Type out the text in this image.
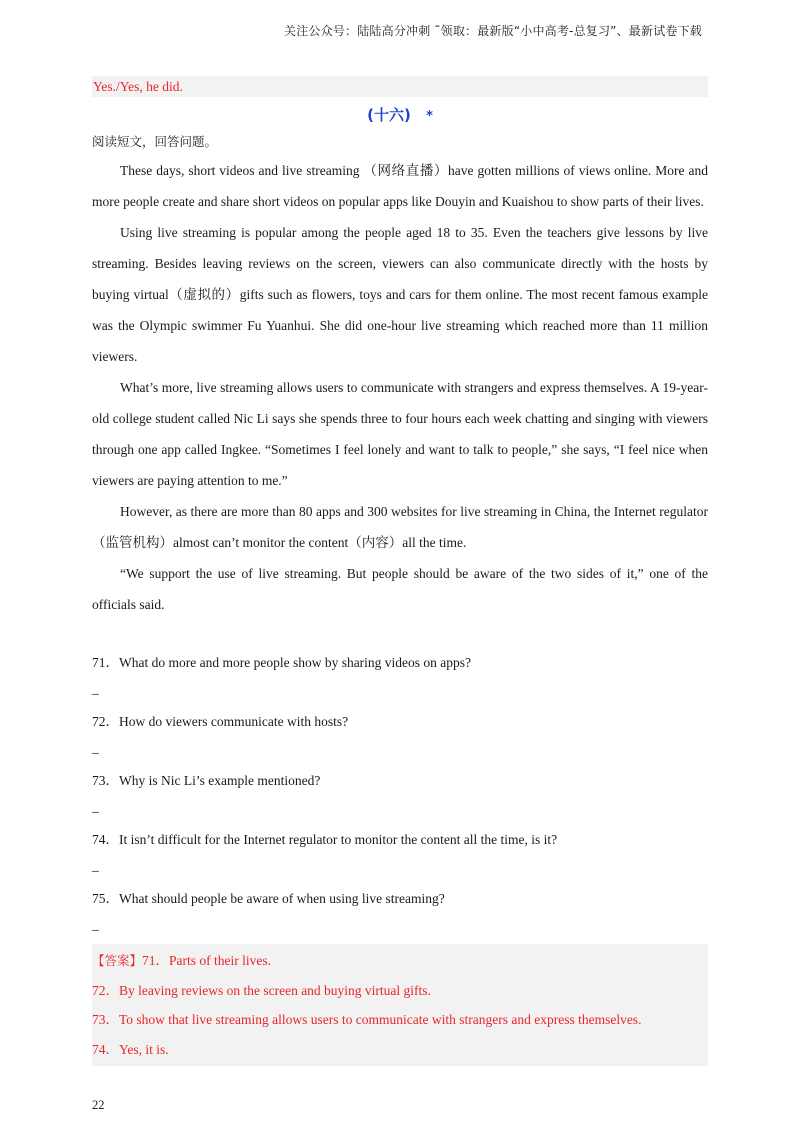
关注公众号：陆陆高分冲刺 ˜领取：最新版“小中高考-总复习”、最新试卷下载
Yes./Yes, he did.
(十六) *
阅读短文，回答问题。

These days, short videos and live streaming （网络直播）have gotten millions of views online. More and more people create and share short videos on popular apps like Douyin and Kuaishou to show parts of their lives.

Using live streaming is popular among the people aged 18 to 35. Even the teachers give lessons by live streaming. Besides leaving reviews on the screen, viewers can also communicate directly with the hosts by buying virtual（虚拟的）gifts such as flowers, toys and cars for them online. The most recent famous example was the Olympic swimmer Fu Yuanhui. She did one-hour live streaming which reached more than 11 million viewers.

What’s more, live streaming allows users to communicate with strangers and express themselves. A 19-year-old college student called Nic Li says she spends three to four hours each week chatting and singing with viewers through one app called Ingkee. “Sometimes I feel lonely and want to talk to people,” she says, “I feel nice when viewers are paying attention to me.”

However, as there are more than 80 apps and 300 websites for live streaming in China, the Internet regulator（监管机构）almost can’t monitor the content（内容）all the time.

“We support the use of live streaming. But people should be aware of the two sides of it,” one of the officials said.

71．What do more and more people show by sharing videos on apps?
_
72．How do viewers communicate with hosts?
_
73．Why is Nic Li’s example mentioned?
_
74．It isn’t difficult for the Internet regulator to monitor the content all the time, is it?
_
75．What should people be aware of when using live streaming?
_
【答案】71．Parts of their lives.
72．By leaving reviews on the screen and buying virtual gifts.
73．To show that live streaming allows users to communicate with strangers and express themselves.
74．Yes, it is.
22
